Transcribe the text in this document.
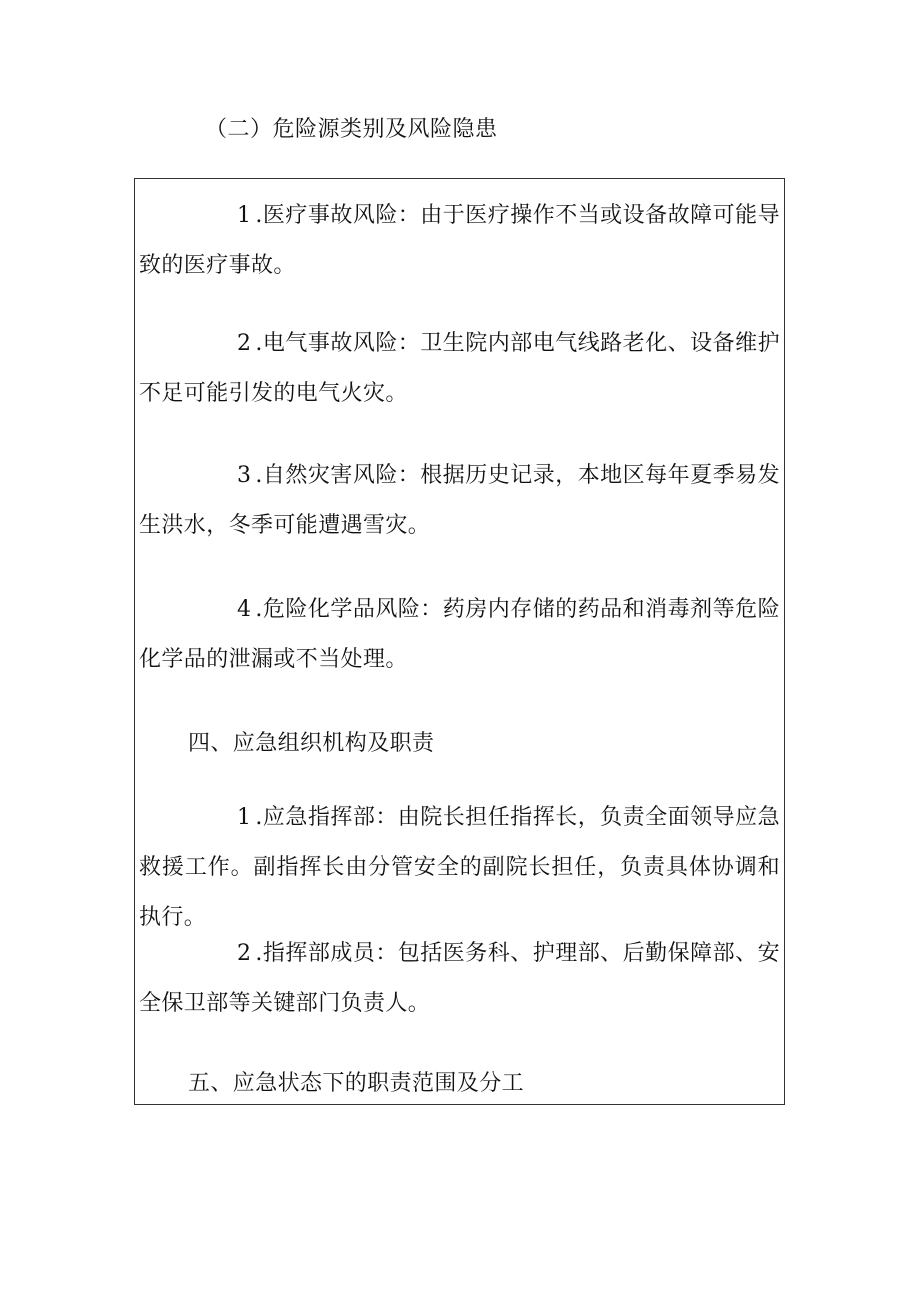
（二）危险源类别及风险隐患

1 .医疗事故风险：由于医疗操作不当或设备故障可能导致的医疗事故。

2 .电气事故风险：卫生院内部电气线路老化、设备维护不足可能引发的电气火灾。

3 .自然灾害风险：根据历史记录，本地区每年夏季易发生洪水，冬季可能遭遇雪灾。

4 .危险化学品风险：药房内存储的药品和消毒剂等危险化学品的泄漏或不当处理。

四、应急组织机构及职责

1 .应急指挥部：由院长担任指挥长，负责全面领导应急救援工作。副指挥长由分管安全的副院长担任，负责具体协调和执行。

2 .指挥部成员：包括医务科、护理部、后勤保障部、安全保卫部等关键部门负责人。

五、应急状态下的职责范围及分工
